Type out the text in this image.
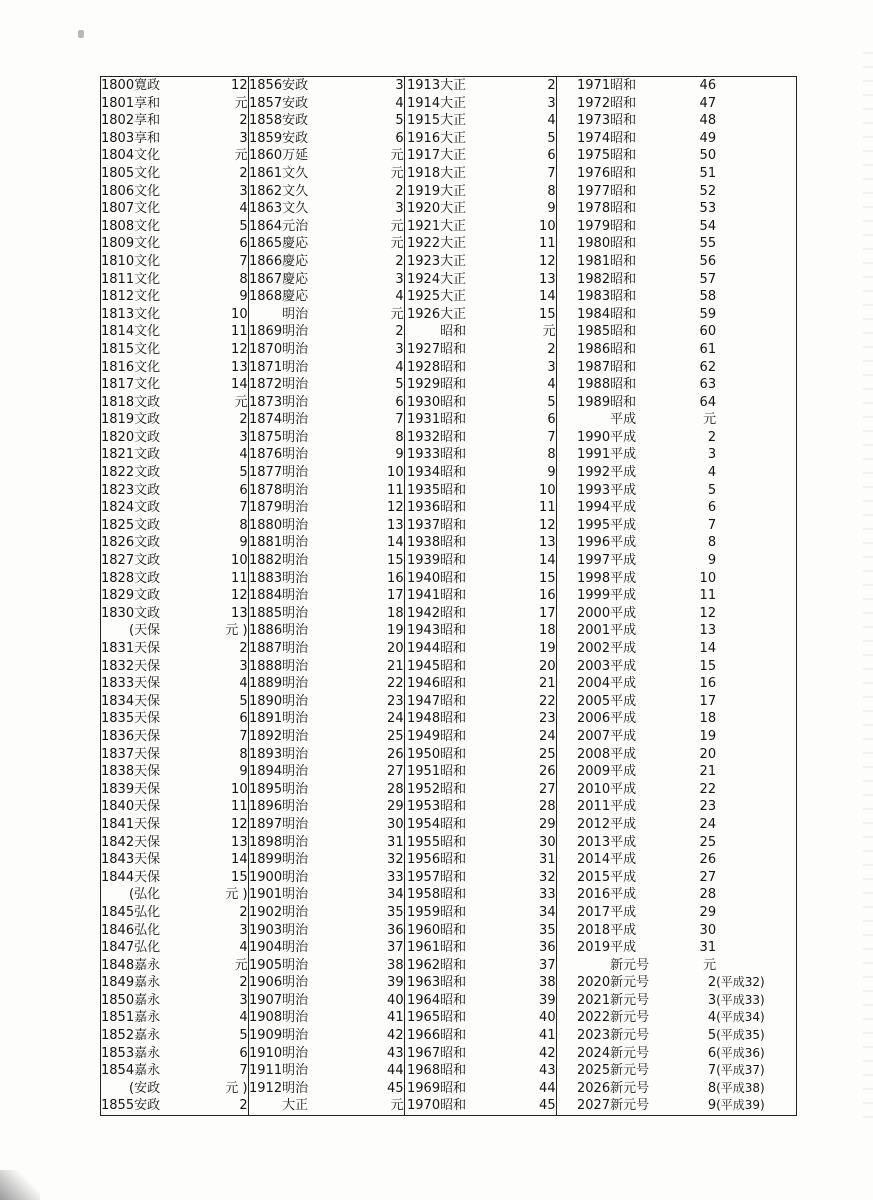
1800	寛政	12	1856	安政	3	1913	大正	2	1971	昭和	46	
1801	享和	元	1857	安政	4	1914	大正	3	1972	昭和	47	
1802	享和	2	1858	安政	5	1915	大正	4	1973	昭和	48	
1803	享和	3	1859	安政	6	1916	大正	5	1974	昭和	49	
1804	文化	元	1860	万延	元	1917	大正	6	1975	昭和	50	
1805	文化	2	1861	文久	元	1918	大正	7	1976	昭和	51	
1806	文化	3	1862	文久	2	1919	大正	8	1977	昭和	52	
1807	文化	4	1863	文久	3	1920	大正	9	1978	昭和	53	
1808	文化	5	1864	元治	元	1921	大正	10	1979	昭和	54	
1809	文化	6	1865	慶応	元	1922	大正	11	1980	昭和	55	
1810	文化	7	1866	慶応	2	1923	大正	12	1981	昭和	56	
1811	文化	8	1867	慶応	3	1924	大正	13	1982	昭和	57	
1812	文化	9	1868	慶応	4	1925	大正	14	1983	昭和	58	
1813	文化	10		明治	元	1926	大正	15	1984	昭和	59	
1814	文化	11	1869	明治	2		昭和	元	1985	昭和	60	
1815	文化	12	1870	明治	3	1927	昭和	2	1986	昭和	61	
1816	文化	13	1871	明治	4	1928	昭和	3	1987	昭和	62	
1817	文化	14	1872	明治	5	1929	昭和	4	1988	昭和	63	
1818	文政	元	1873	明治	6	1930	昭和	5	1989	昭和	64	
1819	文政	2	1874	明治	7	1931	昭和	6		平成	元	
1820	文政	3	1875	明治	8	1932	昭和	7	1990	平成	2	
1821	文政	4	1876	明治	9	1933	昭和	8	1991	平成	3	
1822	文政	5	1877	明治	10	1934	昭和	9	1992	平成	4	
1823	文政	6	1878	明治	11	1935	昭和	10	1993	平成	5	
1824	文政	7	1879	明治	12	1936	昭和	11	1994	平成	6	
1825	文政	8	1880	明治	13	1937	昭和	12	1995	平成	7	
1826	文政	9	1881	明治	14	1938	昭和	13	1996	平成	8	
1827	文政	10	1882	明治	15	1939	昭和	14	1997	平成	9	
1828	文政	11	1883	明治	16	1940	昭和	15	1998	平成	10	
1829	文政	12	1884	明治	17	1941	昭和	16	1999	平成	11	
1830	文政	13	1885	明治	18	1942	昭和	17	2000	平成	12	
(	天保	元 )	1886	明治	19	1943	昭和	18	2001	平成	13	
1831	天保	2	1887	明治	20	1944	昭和	19	2002	平成	14	
1832	天保	3	1888	明治	21	1945	昭和	20	2003	平成	15	
1833	天保	4	1889	明治	22	1946	昭和	21	2004	平成	16	
1834	天保	5	1890	明治	23	1947	昭和	22	2005	平成	17	
1835	天保	6	1891	明治	24	1948	昭和	23	2006	平成	18	
1836	天保	7	1892	明治	25	1949	昭和	24	2007	平成	19	
1837	天保	8	1893	明治	26	1950	昭和	25	2008	平成	20	
1838	天保	9	1894	明治	27	1951	昭和	26	2009	平成	21	
1839	天保	10	1895	明治	28	1952	昭和	27	2010	平成	22	
1840	天保	11	1896	明治	29	1953	昭和	28	2011	平成	23	
1841	天保	12	1897	明治	30	1954	昭和	29	2012	平成	24	
1842	天保	13	1898	明治	31	1955	昭和	30	2013	平成	25	
1843	天保	14	1899	明治	32	1956	昭和	31	2014	平成	26	
1844	天保	15	1900	明治	33	1957	昭和	32	2015	平成	27	
(	弘化	元 )	1901	明治	34	1958	昭和	33	2016	平成	28	
1845	弘化	2	1902	明治	35	1959	昭和	34	2017	平成	29	
1846	弘化	3	1903	明治	36	1960	昭和	35	2018	平成	30	
1847	弘化	4	1904	明治	37	1961	昭和	36	2019	平成	31	
1848	嘉永	元	1905	明治	38	1962	昭和	37		新元号	元	
1849	嘉永	2	1906	明治	39	1963	昭和	38	2020	新元号	2	(平成32)
1850	嘉永	3	1907	明治	40	1964	昭和	39	2021	新元号	3	(平成33)
1851	嘉永	4	1908	明治	41	1965	昭和	40	2022	新元号	4	(平成34)
1852	嘉永	5	1909	明治	42	1966	昭和	41	2023	新元号	5	(平成35)
1853	嘉永	6	1910	明治	43	1967	昭和	42	2024	新元号	6	(平成36)
1854	嘉永	7	1911	明治	44	1968	昭和	43	2025	新元号	7	(平成37)
(	安政	元 )	1912	明治	45	1969	昭和	44	2026	新元号	8	(平成38)
1855	安政	2		大正	元	1970	昭和	45	2027	新元号	9	(平成39)
